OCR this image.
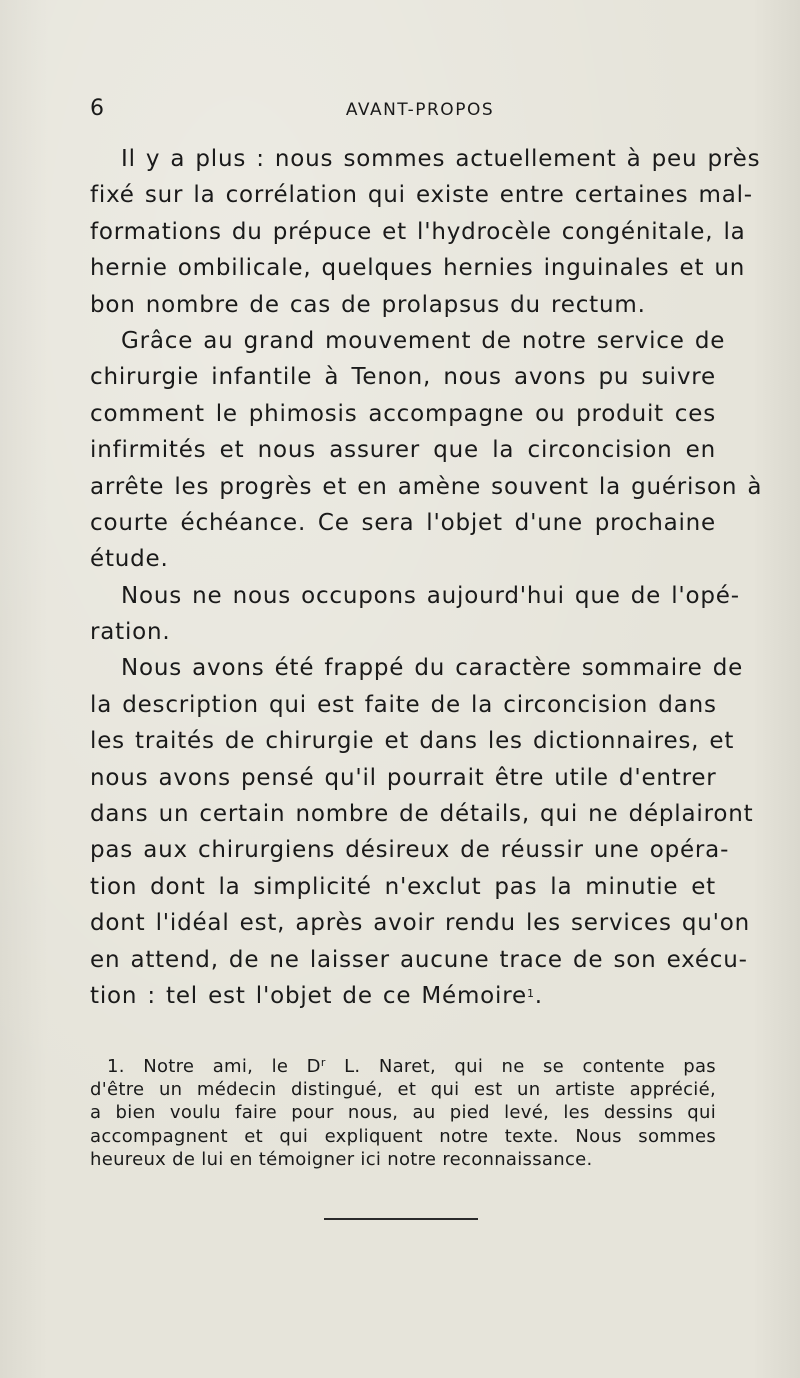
6	AVANT-PROPOS
Il y a plus : nous sommes actuellement à peu près
fixé sur la corrélation qui existe entre certaines mal-
formations du prépuce et l'hydrocèle congénitale, la
hernie ombilicale, quelques hernies inguinales et un
bon nombre de cas de prolapsus du rectum.
Grâce au grand mouvement de notre service de
chirurgie infantile à Tenon, nous avons pu suivre
comment le phimosis accompagne ou produit ces
infirmités et nous assurer que la circoncision en
arrête les progrès et en amène souvent la guérison à
courte échéance. Ce sera l'objet d'une prochaine
étude.
Nous ne nous occupons aujourd'hui que de l'opé-
ration.
Nous avons été frappé du caractère sommaire de
la description qui est faite de la circoncision dans
les traités de chirurgie et dans les dictionnaires, et
nous avons pensé qu'il pourrait être utile d'entrer
dans un certain nombre de détails, qui ne déplairont
pas aux chirurgiens désireux de réussir une opéra-
tion dont la simplicité n'exclut pas la minutie et
dont l'idéal est, après avoir rendu les services qu'on
en attend, de ne laisser aucune trace de son exécu-
tion : tel est l'objet de ce Mémoire$^1$.
1. Notre ami, le $D^r$ L. Naret, qui ne se contente pas
d'être un médecin distingué, et qui est un artiste apprécié,
a bien voulu faire pour nous, au pied levé, les dessins qui
accompagnent et qui expliquent notre texte. Nous sommes
heureux de lui en témoigner ici notre reconnaissance.
